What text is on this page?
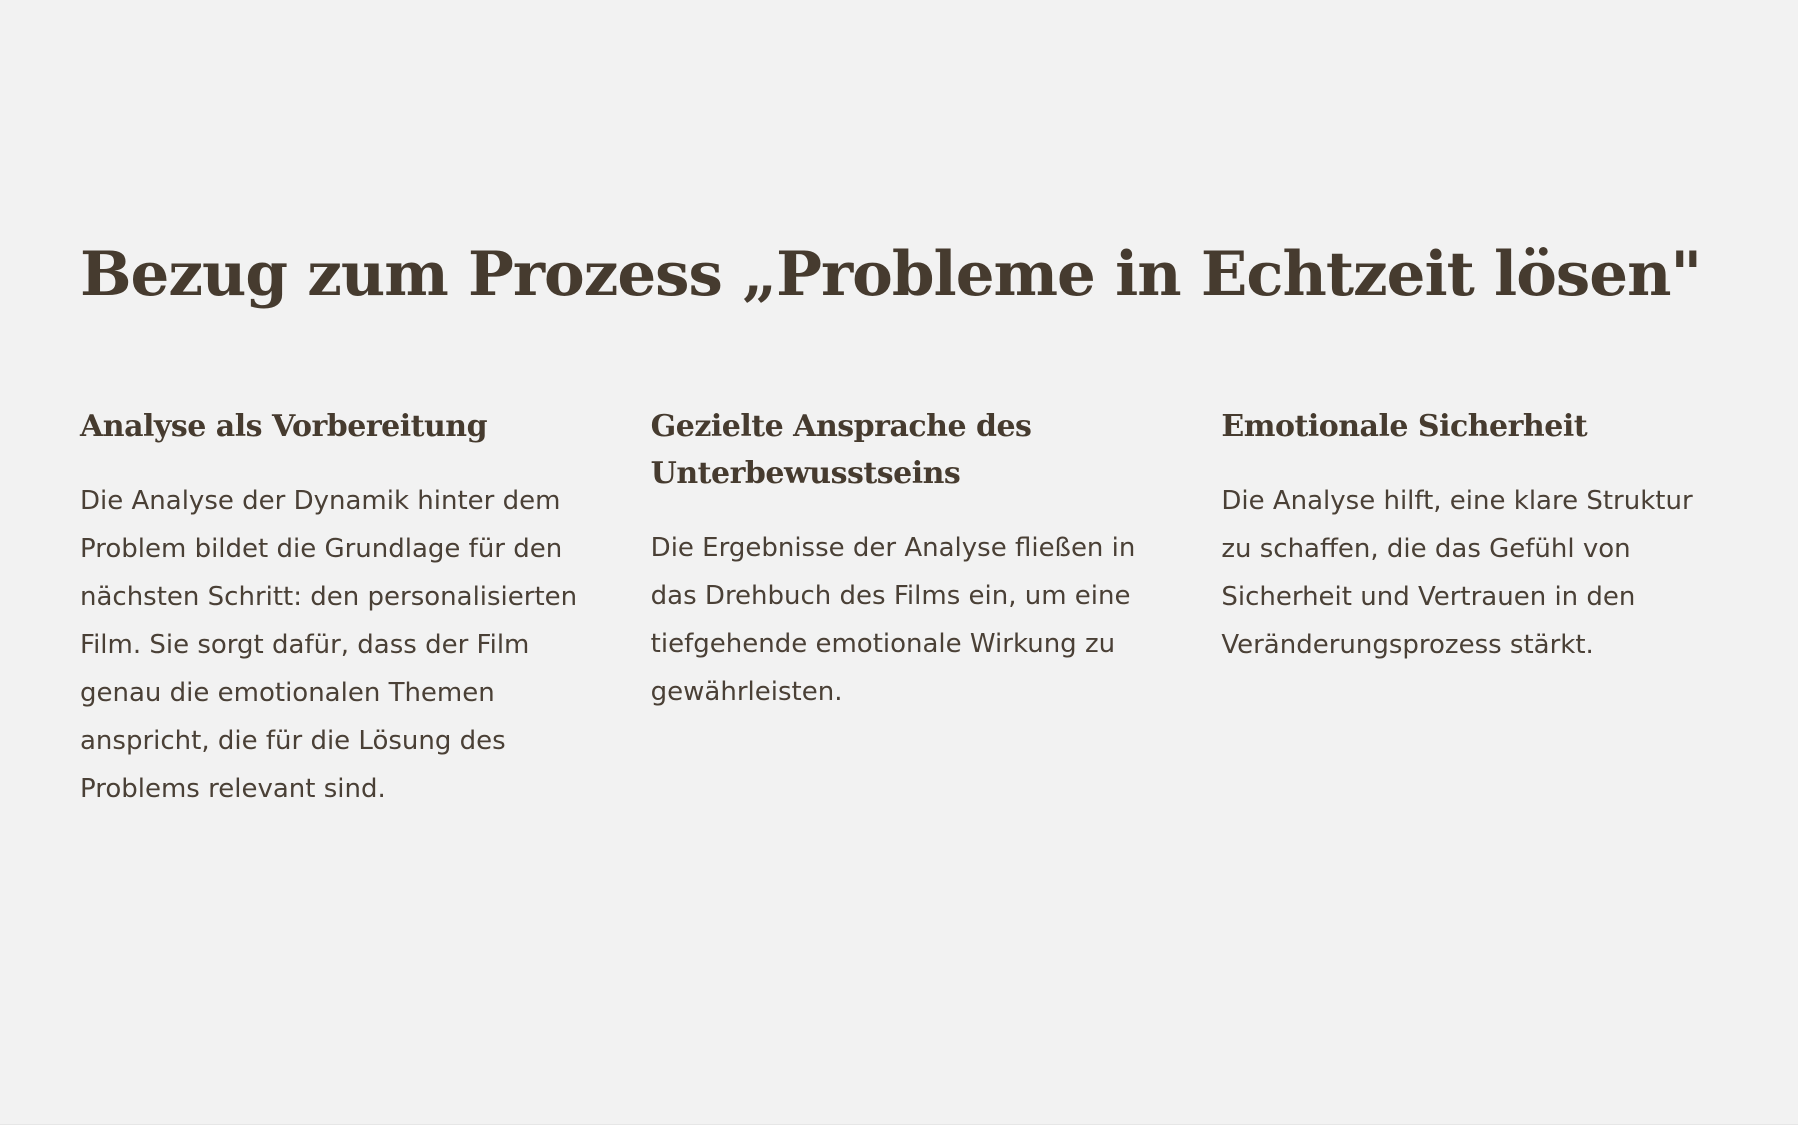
Bezug zum Prozess „Probleme in Echtzeit lösen"
Analyse als Vorbereitung

Die Analyse der Dynamik hinter dem Problem bildet die Grundlage für den nächsten Schritt: den personalisierten Film. Sie sorgt dafür, dass der Film genau die emotionalen Themen anspricht, die für die Lösung des Problems relevant sind.

Gezielte Ansprache des Unterbewusstseins

Die Ergebnisse der Analyse fließen in das Drehbuch des Films ein, um eine tiefgehende emotionale Wirkung zu gewährleisten.

Emotionale Sicherheit

Die Analyse hilft, eine klare Struktur zu schaffen, die das Gefühl von Sicherheit und Vertrauen in den Veränderungsprozess stärkt.
